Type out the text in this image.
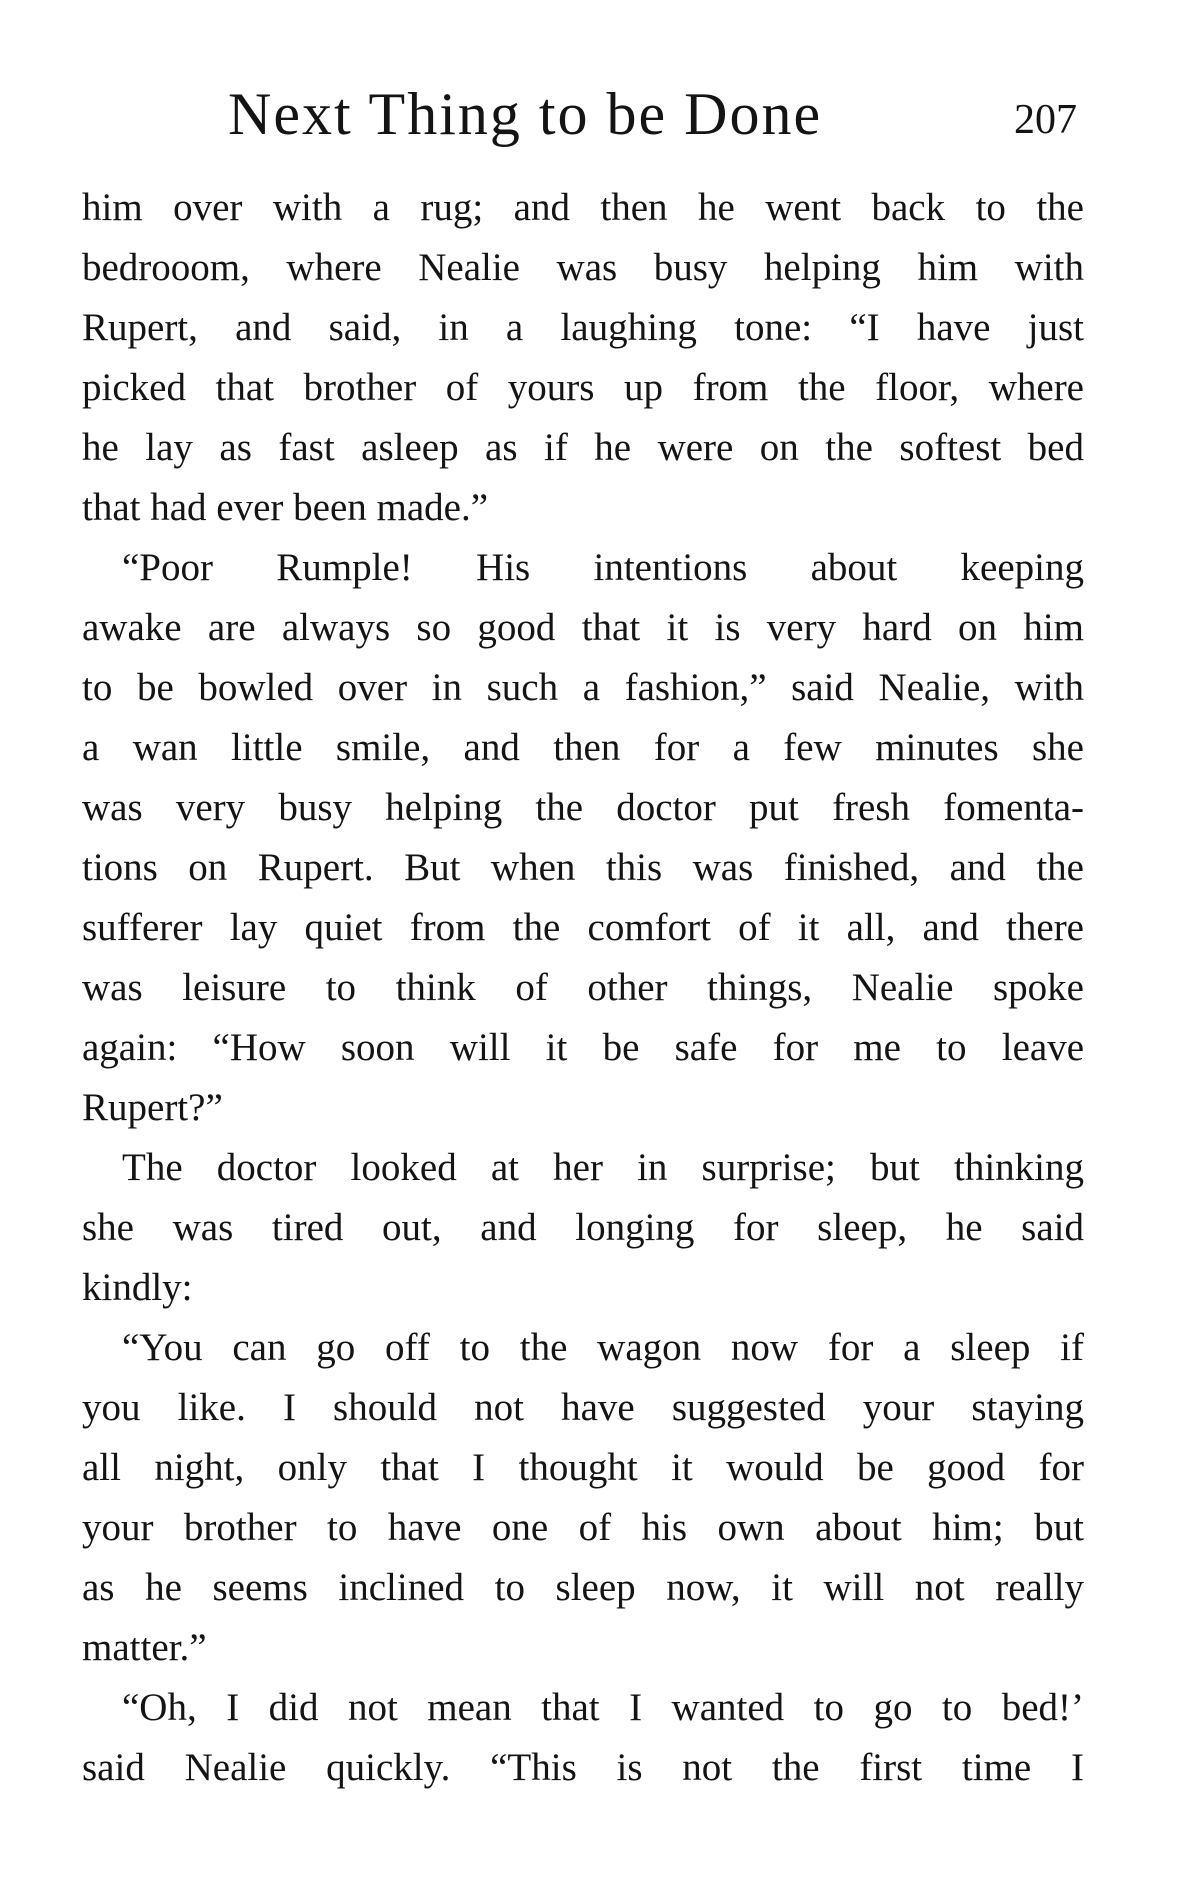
Next Thing to be Done	207
him over with a rug; and then he went back to the
bedrooom, where Nealie was busy helping him with
Rupert, and said, in a laughing tone: “I have just
picked that brother of yours up from the floor, where
he lay as fast asleep as if he were on the softest bed
that had ever been made.”
“Poor Rumple! His intentions about keeping
awake are always so good that it is very hard on him
to be bowled over in such a fashion,” said Nealie, with
a wan little smile, and then for a few minutes she
was very busy helping the doctor put fresh fomenta-
tions on Rupert. But when this was finished, and the
sufferer lay quiet from the comfort of it all, and there
was leisure to think of other things, Nealie spoke
again: “How soon will it be safe for me to leave
Rupert?”
The doctor looked at her in surprise; but thinking
she was tired out, and longing for sleep, he said
kindly:
“You can go off to the wagon now for a sleep if
you like. I should not have suggested your staying
all night, only that I thought it would be good for
your brother to have one of his own about him; but
as he seems inclined to sleep now, it will not really
matter.”
“Oh, I did not mean that I wanted to go to bed!’
said Nealie quickly. “This is not the first time I
